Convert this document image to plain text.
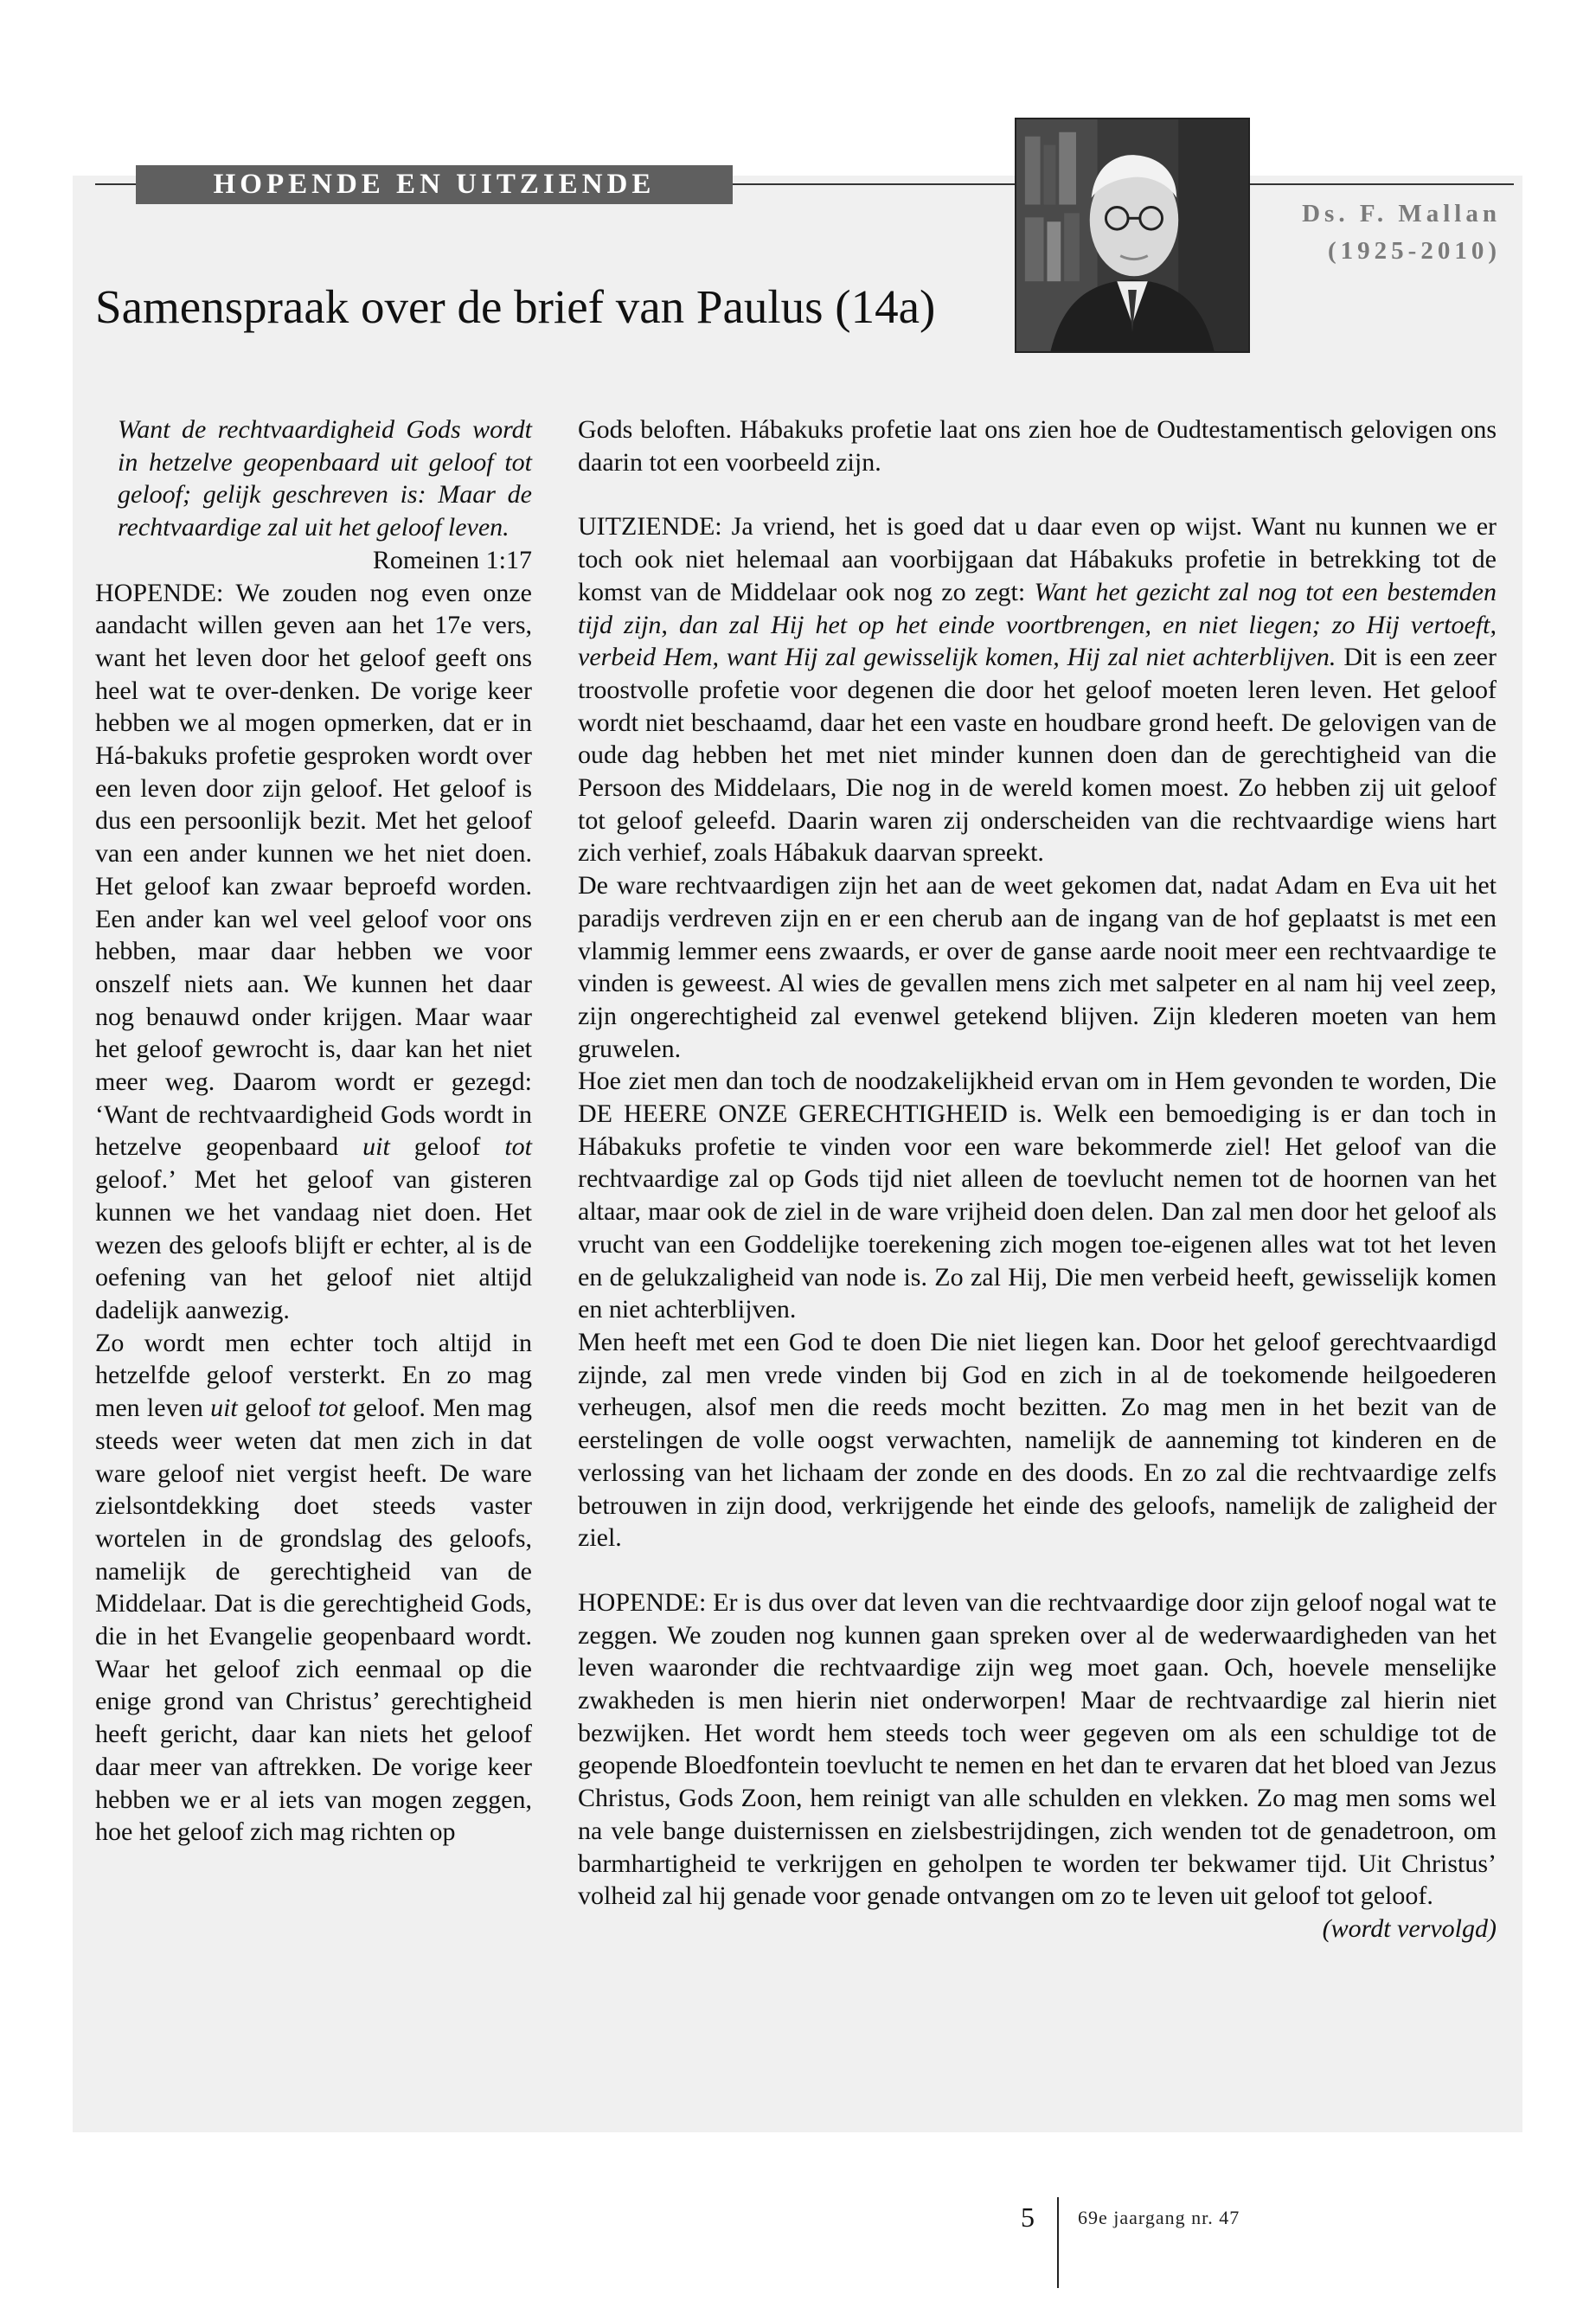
HOPENDE EN UITZIENDE
Ds. F. Mallan
(1925-2010)
Samenspraak over de brief van Paulus (14a)

Want de rechtvaardigheid Gods wordt in hetzelve geopenbaard uit geloof tot geloof; gelijk geschreven is: Maar de rechtvaardige zal uit het geloof leven.

Romeinen 1:17

HOPENDE: We zouden nog even onze aandacht willen geven aan het 17e vers, want het leven door het geloof geeft ons heel wat te over-denken. De vorige keer hebben we al mogen opmerken, dat er in Há-bakuks profetie gesproken wordt over een leven door zijn geloof. Het geloof is dus een persoonlijk bezit. Met het geloof van een ander kunnen we het niet doen. Het geloof kan zwaar beproefd worden. Een ander kan wel veel geloof voor ons hebben, maar daar hebben we voor onszelf niets aan. We kunnen het daar nog benauwd onder krijgen. Maar waar het geloof gewrocht is, daar kan het niet meer weg. Daarom wordt er gezegd: ‘Want de rechtvaardigheid Gods wordt in hetzelve geopenbaard uit geloof tot geloof.’ Met het geloof van gisteren kunnen we het vandaag niet doen. Het wezen des geloofs blijft er echter, al is de oefening van het geloof niet altijd dadelijk aanwezig.

Zo wordt men echter toch altijd in hetzelfde geloof versterkt. En zo mag men leven uit geloof tot geloof. Men mag steeds weer weten dat men zich in dat ware geloof niet vergist heeft. De ware zielsontdekking doet steeds vaster wortelen in de grondslag des geloofs, namelijk de gerechtigheid van de Middelaar. Dat is die gerechtigheid Gods, die in het Evangelie geopenbaard wordt. Waar het geloof zich eenmaal op die enige grond van Christus’ gerechtigheid heeft gericht, daar kan niets het geloof daar meer van aftrekken. De vorige keer hebben we er al iets van mogen zeggen, hoe het geloof zich mag richten op

Gods beloften. Hábakuks profetie laat ons zien hoe de Oudtestamentisch gelovigen ons daarin tot een voorbeeld zijn.

UITZIENDE: Ja vriend, het is goed dat u daar even op wijst. Want nu kunnen we er toch ook niet helemaal aan voorbijgaan dat Hábakuks profetie in betrekking tot de komst van de Middelaar ook nog zo zegt: Want het gezicht zal nog tot een bestemden tijd zijn, dan zal Hij het op het einde voortbrengen, en niet liegen; zo Hij vertoeft, verbeid Hem, want Hij zal gewisselijk komen, Hij zal niet achterblijven. Dit is een zeer troostvolle profetie voor degenen die door het geloof moeten leren leven. Het geloof wordt niet beschaamd, daar het een vaste en houdbare grond heeft. De gelovigen van de oude dag hebben het met niet minder kunnen doen dan de gerechtigheid van die Persoon des Middelaars, Die nog in de wereld komen moest. Zo hebben zij uit geloof tot geloof geleefd. Daarin waren zij onderscheiden van die rechtvaardige wiens hart zich verhief, zoals Hábakuk daarvan spreekt.

De ware rechtvaardigen zijn het aan de weet gekomen dat, nadat Adam en Eva uit het paradijs verdreven zijn en er een cherub aan de ingang van de hof geplaatst is met een vlammig lemmer eens zwaards, er over de ganse aarde nooit meer een rechtvaardige te vinden is geweest. Al wies de gevallen mens zich met salpeter en al nam hij veel zeep, zijn ongerechtigheid zal evenwel getekend blijven. Zijn klederen moeten van hem gruwelen.

Hoe ziet men dan toch de noodzakelijkheid ervan om in Hem gevonden te worden, Die DE HEERE ONZE GERECHTIGHEID is. Welk een bemoediging is er dan toch in Hábakuks profetie te vinden voor een ware bekommerde ziel! Het geloof van die rechtvaardige zal op Gods tijd niet alleen de toevlucht nemen tot de hoornen van het altaar, maar ook de ziel in de ware vrijheid doen delen. Dan zal men door het geloof als vrucht van een Goddelijke toerekening zich mogen toe-eigenen alles wat tot het leven en de gelukzaligheid van node is. Zo zal Hij, Die men verbeid heeft, gewisselijk komen en niet achterblijven.

Men heeft met een God te doen Die niet liegen kan. Door het geloof gerechtvaardigd zijnde, zal men vrede vinden bij God en zich in al de toekomende heilgoederen verheugen, alsof men die reeds mocht bezitten. Zo mag men in het bezit van de eerstelingen de volle oogst verwachten, namelijk de aanneming tot kinderen en de verlossing van het lichaam der zonde en des doods. En zo zal die rechtvaardige zelfs betrouwen in zijn dood, verkrijgende het einde des geloofs, namelijk de zaligheid der ziel.

HOPENDE: Er is dus over dat leven van die rechtvaardige door zijn geloof nogal wat te zeggen. We zouden nog kunnen gaan spreken over al de wederwaardigheden van het leven waaronder die rechtvaardige zijn weg moet gaan. Och, hoevele menselijke zwakheden is men hierin niet onderworpen! Maar de rechtvaardige zal hierin niet bezwijken. Het wordt hem steeds toch weer gegeven om als een schuldige tot de geopende Bloedfontein toevlucht te nemen en het dan te ervaren dat het bloed van Jezus Christus, Gods Zoon, hem reinigt van alle schulden en vlekken. Zo mag men soms wel na vele bange duisternissen en zielsbestrijdingen, zich wenden tot de genadetroon, om barmhartigheid te verkrijgen en geholpen te worden ter bekwamer tijd. Uit Christus’ volheid zal hij genade voor genade ontvangen om zo te leven uit geloof tot geloof.
(wordt vervolgd)

5 69e jaargang nr. 47
